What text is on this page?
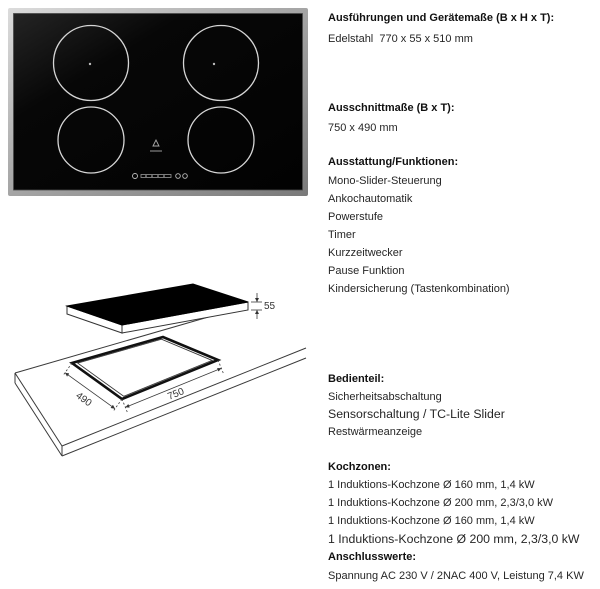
490	750
55
Ausführungen und Gerätemaße (B x H x T):
Edelstahl  770 x 55 x 510 mm
Ausschnittmaße (B x T):
750 x 490 mm
Ausstattung/Funktionen:
Mono-Slider-Steuerung
Ankochautomatik
Powerstufe
Timer
Kurzzeitwecker
Pause Funktion
Kindersicherung (Tastenkombination)
Bedienteil:
Sicherheitsabschaltung
Sensorschaltung / TC-Lite Slider
Restwärmeanzeige
Kochzonen:
1 Induktions-Kochzone Ø 160 mm, 1,4 kW
1 Induktions-Kochzone Ø 200 mm, 2,3/3,0 kW
1 Induktions-Kochzone Ø 160 mm, 1,4 kW
1 Induktions-Kochzone Ø 200 mm, 2,3/3,0 kW
Anschlusswerte:
Spannung AC 230 V / 2NAC 400 V, Leistung 7,4 KW
